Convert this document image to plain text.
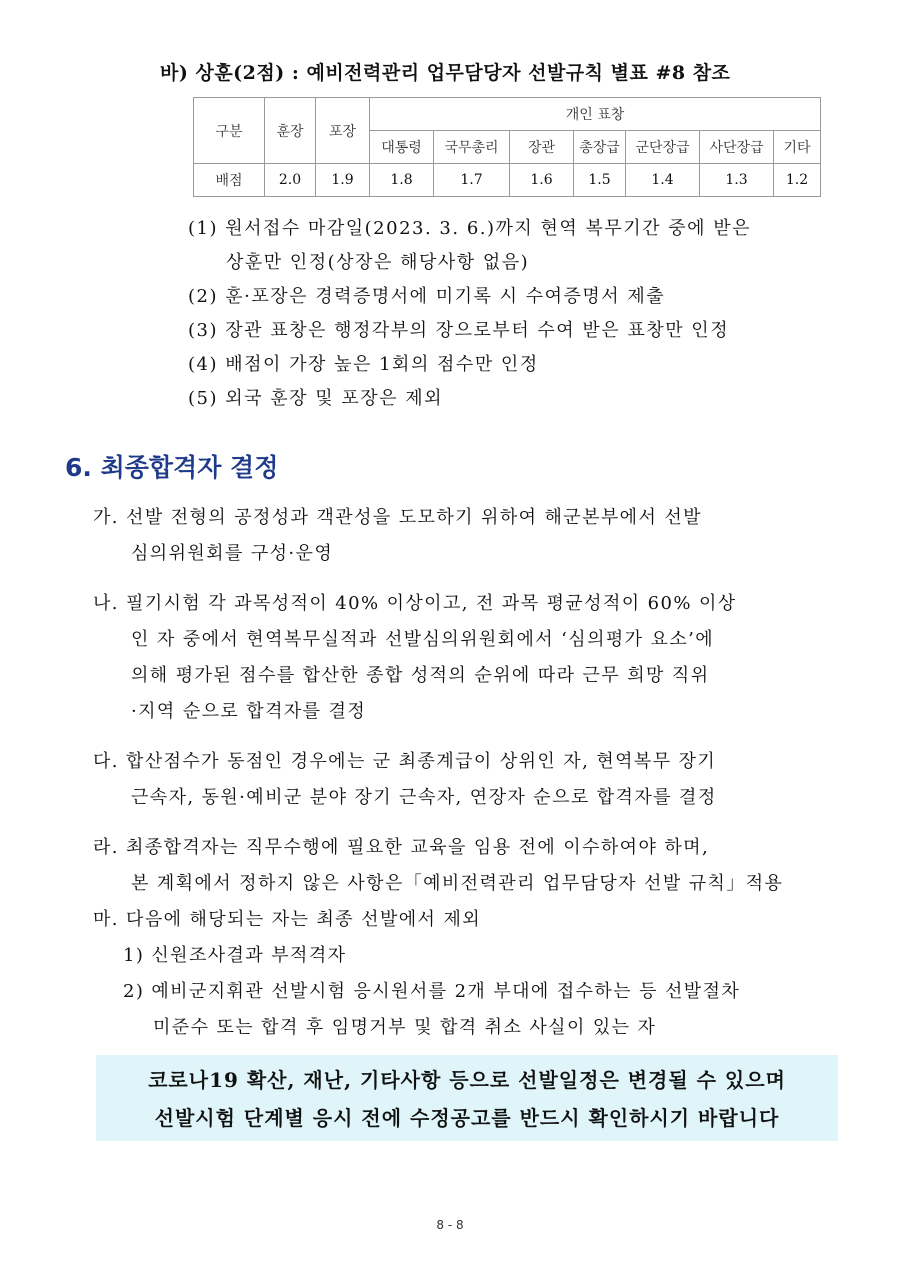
바) 상훈(2점) : 예비전력관리 업무담당자 선발규칙 별표 #8 참조
구분	훈장	포장	개인 표창						
			대통령	국무총리	장관	총장급	군단장급	사단장급	기타
배점	2.0	1.9	1.8	1.7	1.6	1.5	1.4	1.3	1.2
(1) 원서접수 마감일(2023. 3. 6.)까지 현역 복무기간 중에 받은
상훈만 인정(상장은 해당사항 없음)
(2) 훈·포장은 경력증명서에 미기록 시 수여증명서 제출
(3) 장관 표창은 행정각부의 장으로부터 수여 받은 표창만 인정
(4) 배점이 가장 높은 1회의 점수만 인정
(5) 외국 훈장 및 포장은 제외
6. 최종합격자 결정
가. 선발 전형의 공정성과 객관성을 도모하기 위하여 해군본부에서 선발
심의위원회를 구성·운영
나. 필기시험 각 과목성적이 40% 이상이고, 전 과목 평균성적이 60% 이상
인 자 중에서 현역복무실적과 선발심의위원회에서 ‘심의평가 요소’에
의해 평가된 점수를 합산한 종합 성적의 순위에 따라 근무 희망 직위
·지역 순으로 합격자를 결정
다. 합산점수가 동점인 경우에는 군 최종계급이 상위인 자, 현역복무 장기
근속자, 동원·예비군 분야 장기 근속자, 연장자 순으로 합격자를 결정
라. 최종합격자는 직무수행에 필요한 교육을 임용 전에 이수하여야 하며,
본 계획에서 정하지 않은 사항은「예비전력관리 업무담당자 선발 규칙」적용
마. 다음에 해당되는 자는 최종 선발에서 제외
1) 신원조사결과 부적격자
2) 예비군지휘관 선발시험 응시원서를 2개 부대에 접수하는 등 선발절차
미준수 또는 합격 후 임명거부 및 합격 취소 사실이 있는 자
코로나19 확산, 재난, 기타사항 등으로 선발일정은 변경될 수 있으며
선발시험 단계별 응시 전에 수정공고를 반드시 확인하시기 바랍니다
8 - 8
